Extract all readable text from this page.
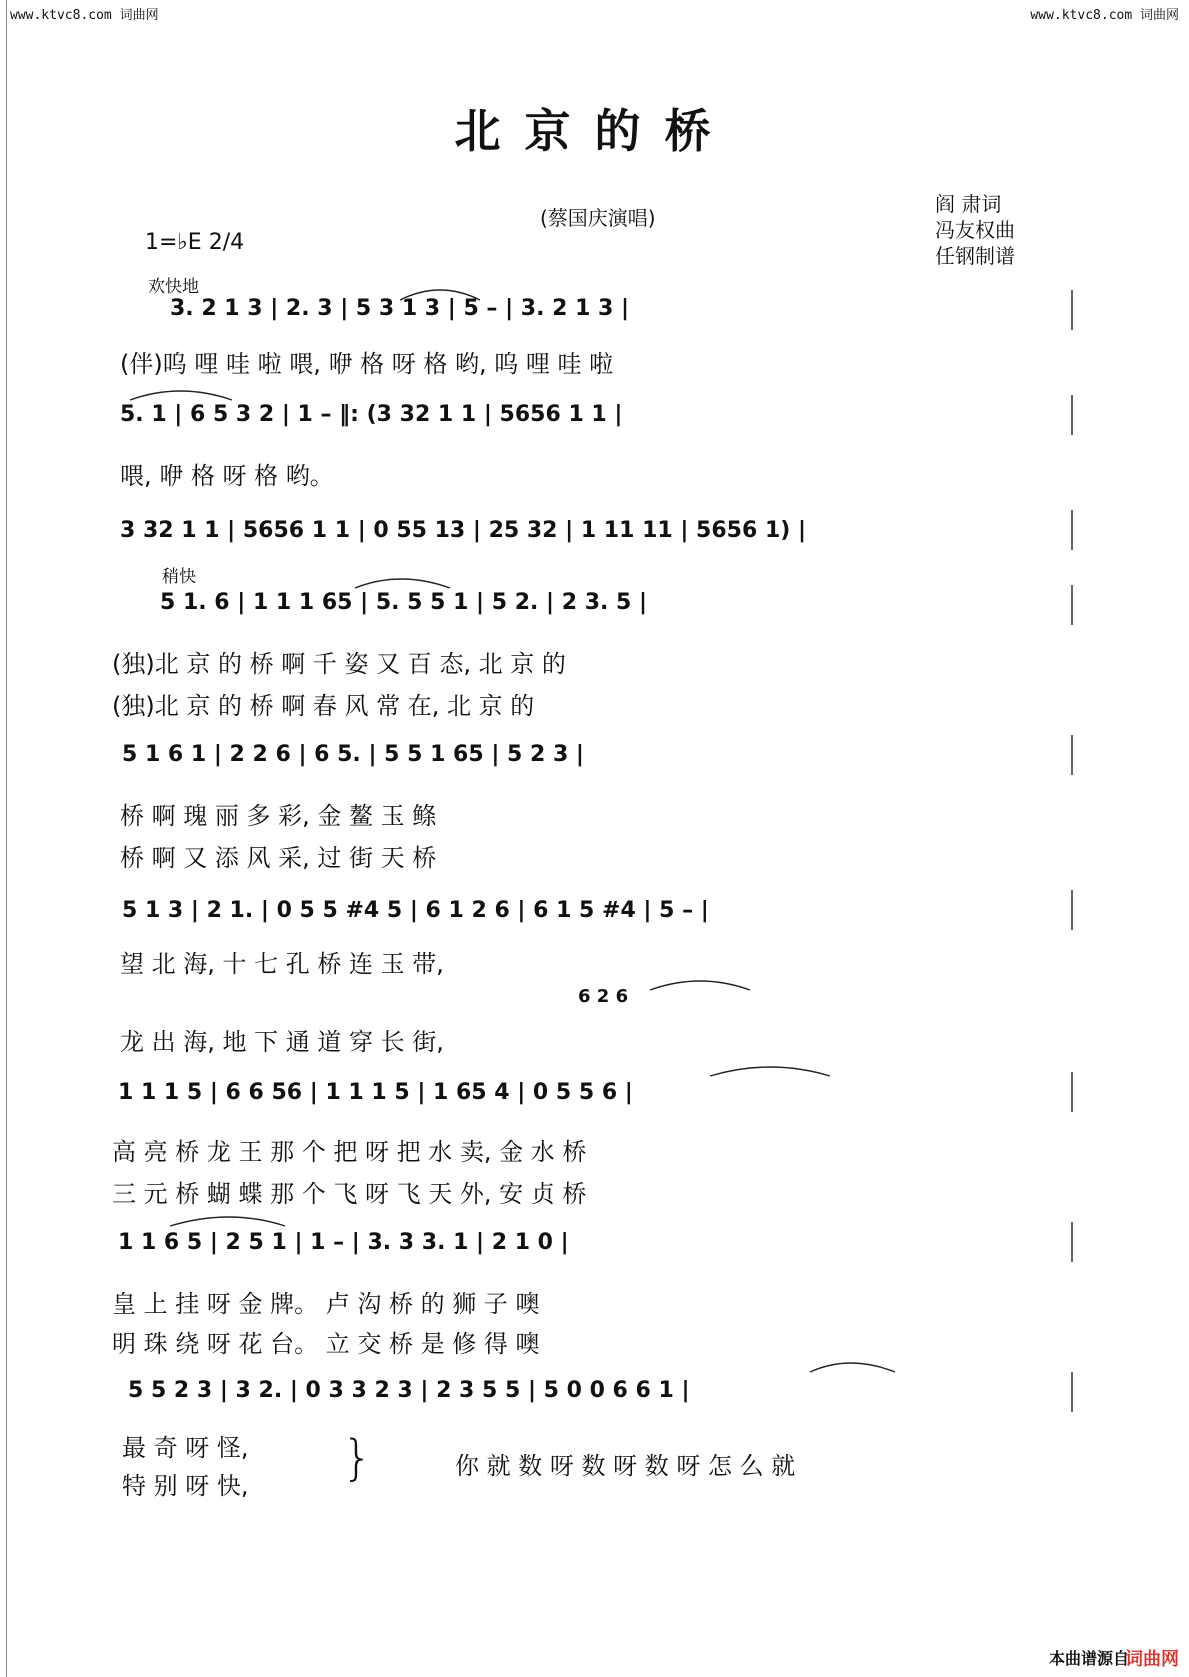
www.ktvc8.com 词曲网	www.ktvc8.com 词曲网
北京的桥
(蔡国庆演唱)
阎 肃词
冯友权曲
任钢制谱
1=♭E 2/4
欢快地
3. 2 1 3 | 2. 3 | 5 3 1 3 | 5 – | 3. 2 1 3 |
(伴)呜 哩 哇 啦 喂, 咿 格 呀 格 哟, 呜 哩 哇 啦
5. 1 | 6 5 3 2 | 1 – ‖: (3 32 1 1 | 5656 1 1 |
喂, 咿 格 呀 格 哟。
3 32 1 1 | 5656 1 1 | 0 55 13 | 25 32 | 1 11 11 | 5656 1) |
稍快
5 1. 6 | 1 1 1 65 | 5. 5 5 1 | 5 2. | 2 3. 5 |
(独)北 京 的 桥 啊 千 姿 又 百 态, 北 京 的
(独)北 京 的 桥 啊 春 风 常 在, 北 京 的
5 1 6 1 | 2 2 6 | 6 5. | 5 5 1 65 | 5 2 3 |
桥 啊 瑰 丽 多 彩, 金 鳌 玉 鲦
桥 啊 又 添 风 采, 过 街 天 桥
5 1 3 | 2 1. | 0 5 5 #4 5 | 6 1 2 6 | 6 1 5 #4 | 5 – |
望 北 海, 十 七 孔 桥 连 玉 带,
6 2 6
龙 出 海, 地 下 通 道 穿 长 街,
1 1 1 5 | 6 6 56 | 1 1 1 5 | 1 65 4 | 0 5 5 6 |
高 亮 桥 龙 王 那 个 把 呀 把 水 卖, 金 水 桥
三 元 桥 蝴 蝶 那 个 飞 呀 飞 天 外, 安 贞 桥
1 1 6 5 | 2 5 1 | 1 – | 3. 3 3. 1 | 2 1 0 |
皇 上 挂 呀 金 牌。 卢 沟 桥 的 狮 子 噢
明 珠 绕 呀 花 台。 立 交 桥 是 修 得 噢
5 5 2 3 | 3 2. | 0 3 3 2 3 | 2 3 5 5 | 5 0 0 6 6 1 |
最 奇 呀 怪,
特 别 呀 快, }	你 就 数 呀 数 呀 数 呀 怎 么 就
本曲谱源自
词曲网
